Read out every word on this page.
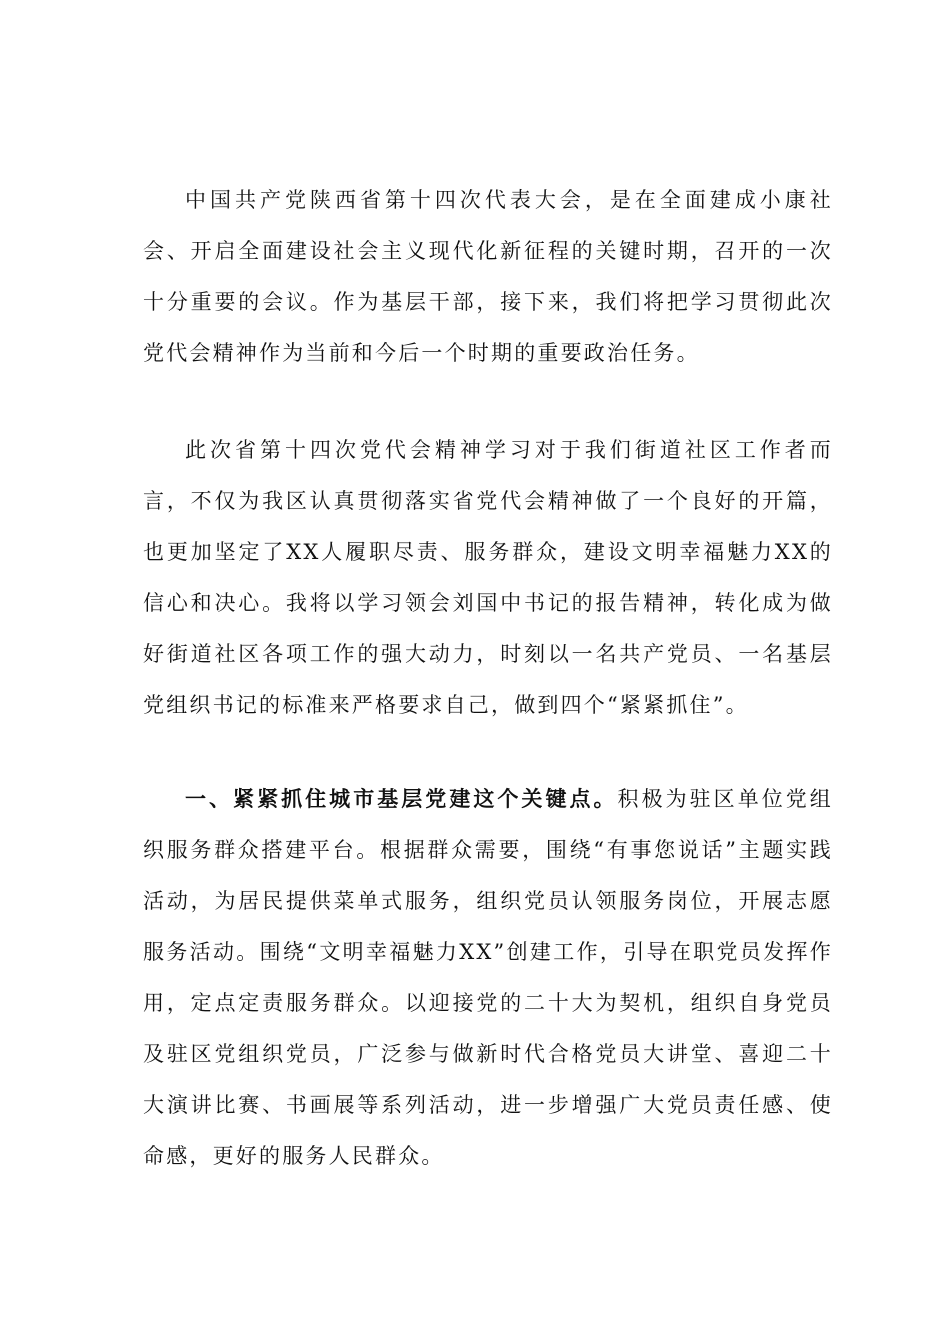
中国共产党陕西省第十四次代表大会，是在全面建成小康社会、开启全面建设社会主义现代化新征程的关键时期，召开的一次十分重要的会议。作为基层干部，接下来，我们将把学习贯彻此次党代会精神作为当前和今后一个时期的重要政治任务。

此次省第十四次党代会精神学习对于我们街道社区工作者而言，不仅为我区认真贯彻落实省党代会精神做了一个良好的开篇，也更加坚定了XX人履职尽责、服务群众，建设文明幸福魅力XX的信心和决心。我将以学习领会刘国中书记的报告精神，转化成为做好街道社区各项工作的强大动力，时刻以一名共产党员、一名基层党组织书记的标准来严格要求自己，做到四个“紧紧抓住”。

一、紧紧抓住城市基层党建这个关键点。积极为驻区单位党组织服务群众搭建平台。根据群众需要，围绕“有事您说话”主题实践活动，为居民提供菜单式服务，组织党员认领服务岗位，开展志愿服务活动。围绕“文明幸福魅力XX”创建工作，引导在职党员发挥作用，定点定责服务群众。以迎接党的二十大为契机，组织自身党员及驻区党组织党员，广泛参与做新时代合格党员大讲堂、喜迎二十大演讲比赛、书画展等系列活动，进一步增强广大党员责任感、使命感，更好的服务人民群众。
